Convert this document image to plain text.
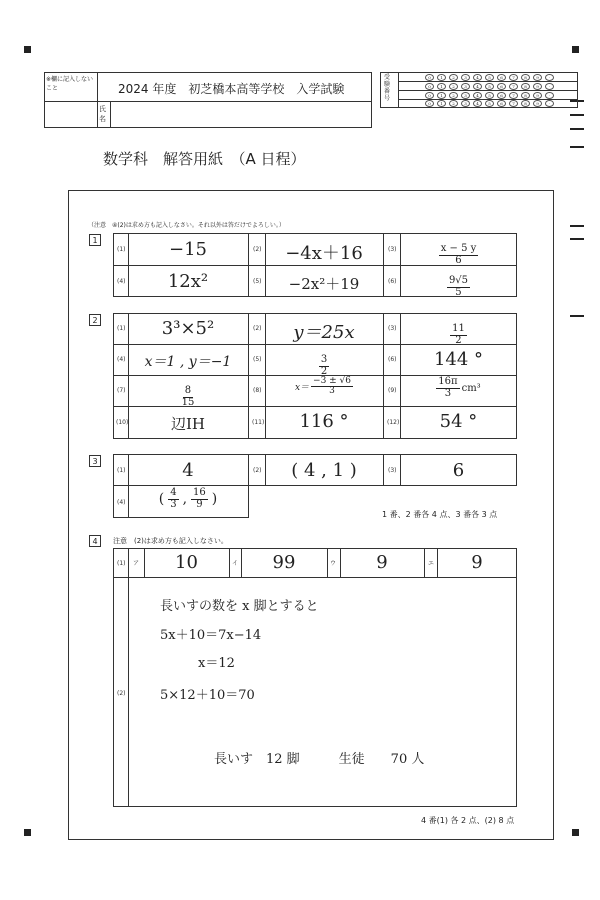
※欄に記入しないこと	2024 年度　初芝橋本高等学校　入学試験
氏名
受験番号
0	1	2	3	4	5	6	7	8	9	·
0	1	2	3	4	5	6	7	8	9	·
0	1	2	3	4	5	6	7	8	9	·
0	1	2	3	4	5	6	7	8	9	·
数学科　解答用紙　（A 日程）
（注意　④(2)は求め方も記入しなさい。それ以外は答だけでよろしい。）
1
(1)	−15	(2)	−4x＋16	(3)	$\frac{x - 5 y}{6}$
(4)	12x²	(5)	−2x²＋19	(6)	$\frac{9√5}{5}$
2
(1)	3³×5²	(2)	y＝25x	(3)	$\frac{11}{2}$
(4)	x＝1 , y＝−1	(5)	$\frac{3}{2}$	(6)	144 °
(7)	$\frac{8}{15}$	(8)	$x= \frac{-3 \pm √6}{3}$	(9)	$\frac{16\pi}{3} cm^3$
(10)	辺IH	(11)	116 °	(12)	54 °
3
(1)	4	(2)	( 4 , 1 )	(3)	6
(4) ( $\frac{4}{3}$ , $\frac{16}{9}$ )
1 番、2 番各 4 点、3 番各 3 点
4	注意　(2)は求め方も記入しなさい。
(1) ア	10	イ	99	ウ	9	エ	9
(2)
長いすの数を x 脚とすると
5x＋10＝7x−14
x＝12
5×12＋10＝70
長いす　12 脚　　　生徒　　70 人
4 番(1) 各 2 点、(2) 8 点
